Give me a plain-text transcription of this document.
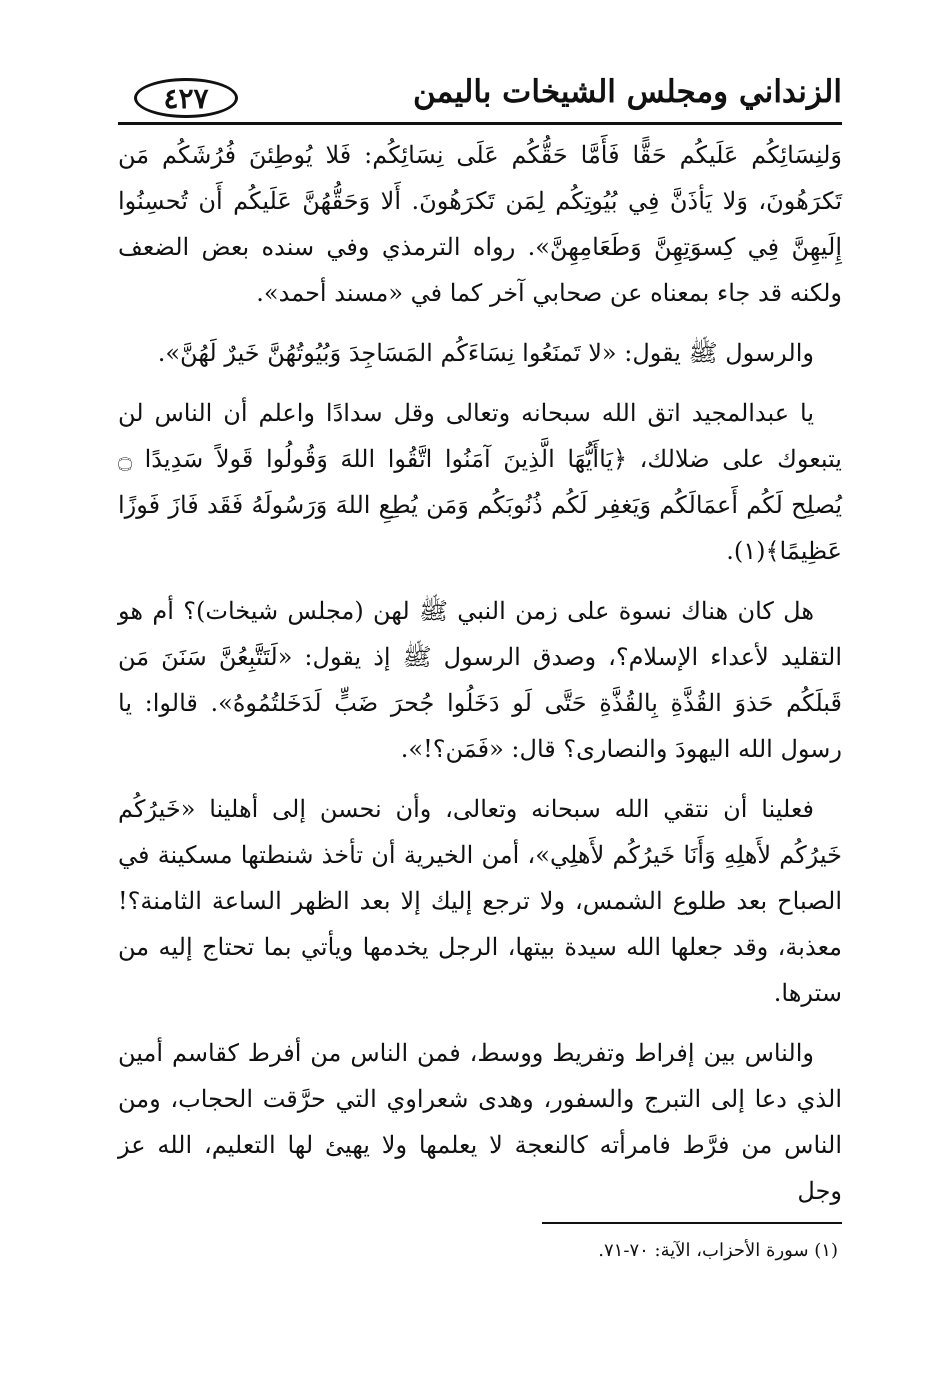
الزنداني ومجلس الشيخات باليمن
٤٢٧

وَلنِسَائِكُم عَلَيكُم حَقًّا فَأَمَّا حَقُّكُم عَلَى نِسَائِكُم: فَلا يُوطِئنَ فُرُشَكُم مَن تَكرَهُونَ، وَلا يَأذَنَّ فِي بُيُوتِكُم لِمَن تَكرَهُونَ. أَلا وَحَقُّهُنَّ عَلَيكُم أَن تُحسِنُوا إِلَيهِنَّ فِي كِسوَتِهِنَّ وَطَعَامِهِنَّ». رواه الترمذي وفي سنده بعض الضعف ولكنه قد جاء بمعناه عن صحابي آخر كما في «مسند أحمد».

والرسول ﷺ يقول: «لا تَمنَعُوا نِسَاءَكُم المَسَاجِدَ وَبُيُوتُهُنَّ خَيرٌ لَهُنَّ».

يا عبدالمجيد اتق الله سبحانه وتعالى وقل سدادًا واعلم أن الناس لن يتبعوك على ضلالك، ﴿يَاأَيُّهَا الَّذِينَ آمَنُوا اتَّقُوا اللهَ وَقُولُوا قَولاً سَدِيدًا ۝ يُصلِح لَكُم أَعمَالَكُم وَيَغفِر لَكُم ذُنُوبَكُم وَمَن يُطِعِ اللهَ وَرَسُولَهُ فَقَد فَازَ فَوزًا عَظِيمًا﴾(١).

هل كان هناك نسوة على زمن النبي ﷺ لهن (مجلس شيخات)؟ أم هو التقليد لأعداء الإسلام؟، وصدق الرسول ﷺ إذ يقول: «لَتَتَّبِعُنَّ سَنَنَ مَن قَبلَكُم حَذوَ القُذَّةِ بِالقُذَّةِ حَتَّى لَو دَخَلُوا جُحرَ ضَبٍّ لَدَخَلتُمُوهُ». قالوا: يا رسول الله اليهودَ والنصارى؟ قال: «فَمَن؟!».

فعلينا أن نتقي الله سبحانه وتعالى، وأن نحسن إلى أهلينا «خَيرُكُم خَيرُكُم لأَهلِهِ وَأَنَا خَيرُكُم لأَهلِي»، أمن الخيرية أن تأخذ شنطتها مسكينة في الصباح بعد طلوع الشمس، ولا ترجع إليك إلا بعد الظهر الساعة الثامنة؟! معذبة، وقد جعلها الله سيدة بيتها، الرجل يخدمها ويأتي بما تحتاج إليه من سترها.

والناس بين إفراط وتفريط ووسط، فمن الناس من أفرط كقاسم أمين الذي دعا إلى التبرج والسفور، وهدى شعراوي التي حرَّقت الحجاب، ومن الناس من فرَّط فامرأته كالنعجة لا يعلمها ولا يهيئ لها التعليم، الله عز وجل

(١) سورة الأحزاب، الآية: ٧٠-٧١.
